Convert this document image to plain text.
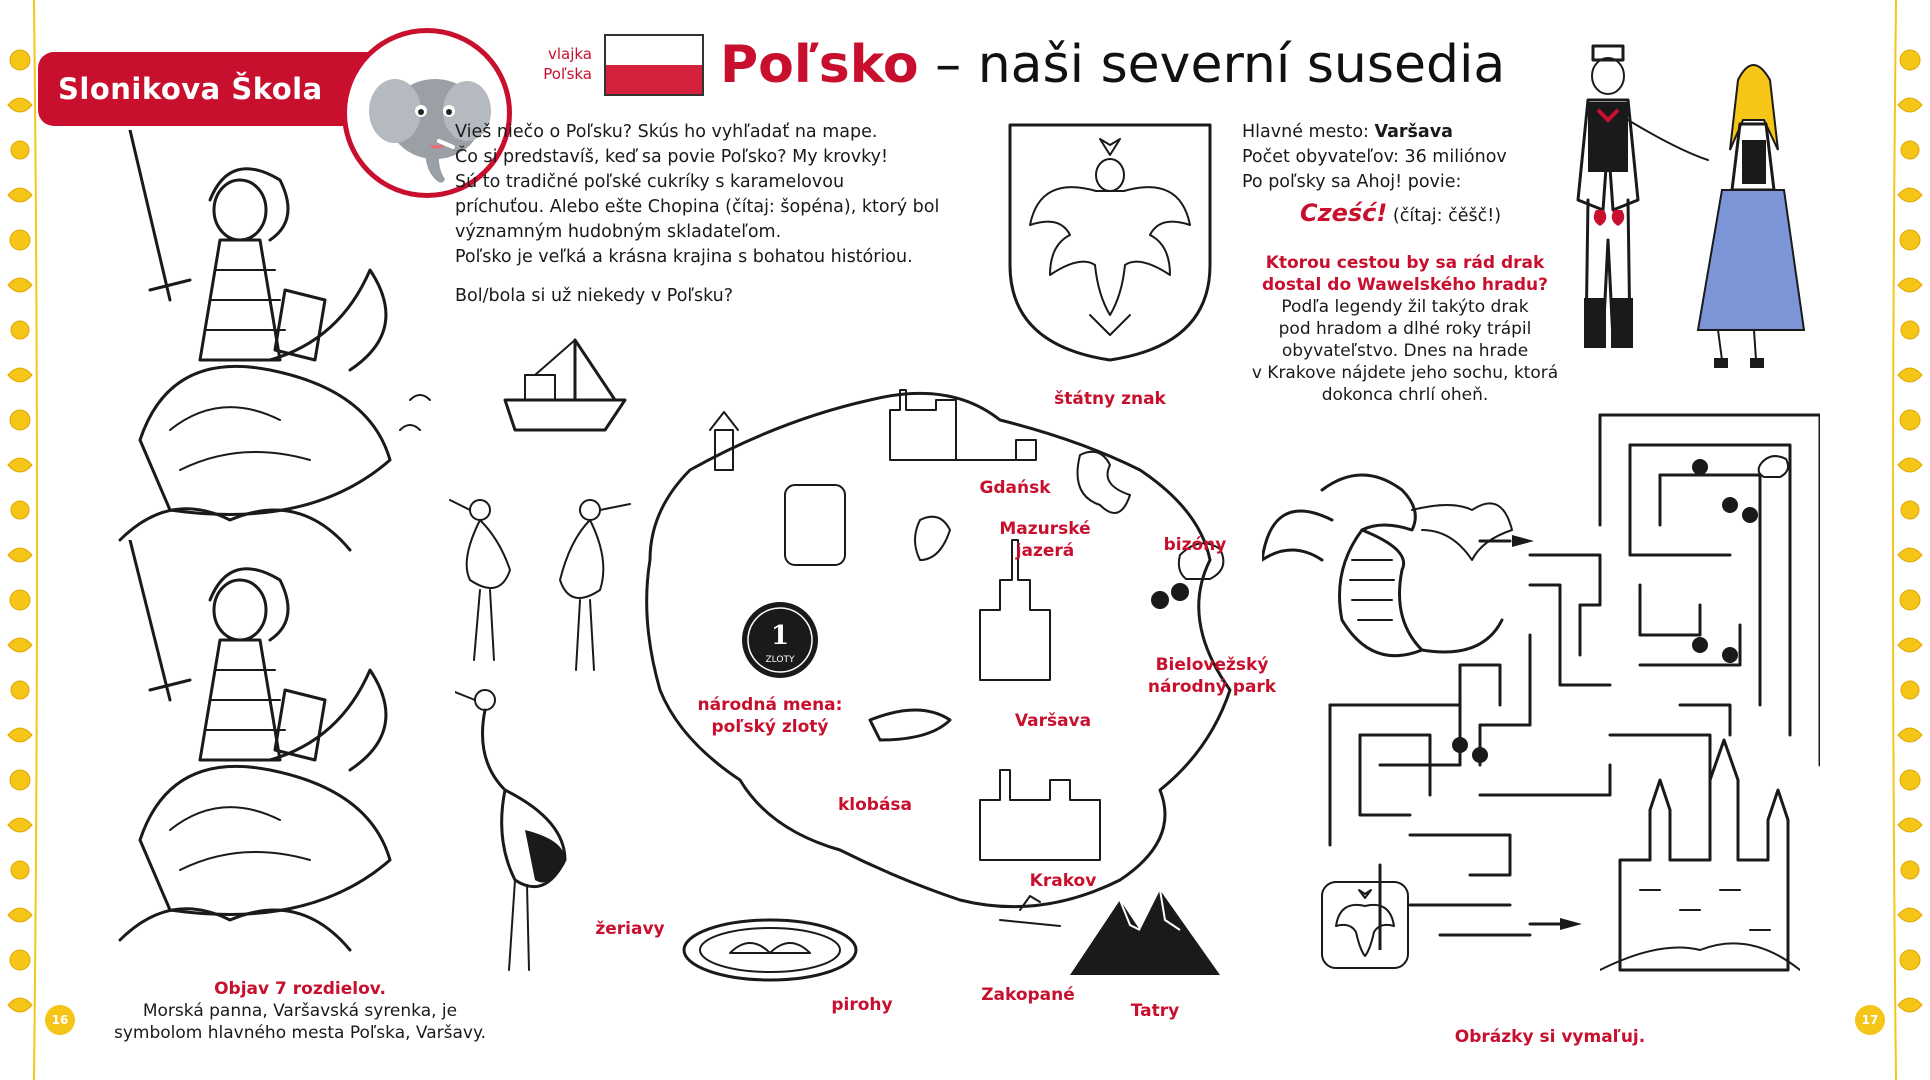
Slonikova Škola
vlajka
Poľska Poľsko – naši severní susedia
Vieš niečo o Poľsku? Skús ho vyhľadať na mape.
Čo si predstavíš, keď sa povie Poľsko? My krovky!
Sú to tradičné poľské cukríky s karamelovou
príchuťou. Alebo ešte Chopina (čítaj: šopéna), ktorý bol
významným hudobným skladateľom.
Poľsko je veľká a krásna krajina s bohatou históriou.
Bol/bola si už niekedy v Poľsku?
štátny znak
Hlavné mesto: Varšava
Počet obyvateľov: 36 miliónov
Po poľsky sa Ahoj! povie:
Cześć! (čítaj: čěšč!)
Ktorou cestou by sa rád drak
dostal do Wawelského hradu?
Podľa legendy žil takýto drak
pod hradom a dlhé roky trápil
obyvateľstvo. Dnes na hrade
v Krakove nájdete jeho sochu, ktorá
dokonca chrlí oheň.
1
ZLOTY
Gdańsk
Mazurské
jazerá	bizóny
Bielovežský
národný park
národná mena:
poľský zlotý	Varšava
klobása
Krakov
žeriavy
pirohy	Zakopané
Tatry
Objav 7 rozdielov.
Morská panna, Varšavská syrenka, je
symbolom hlavného mesta Poľska, Varšavy.	Obrázky si vymaľuj.
16	17
